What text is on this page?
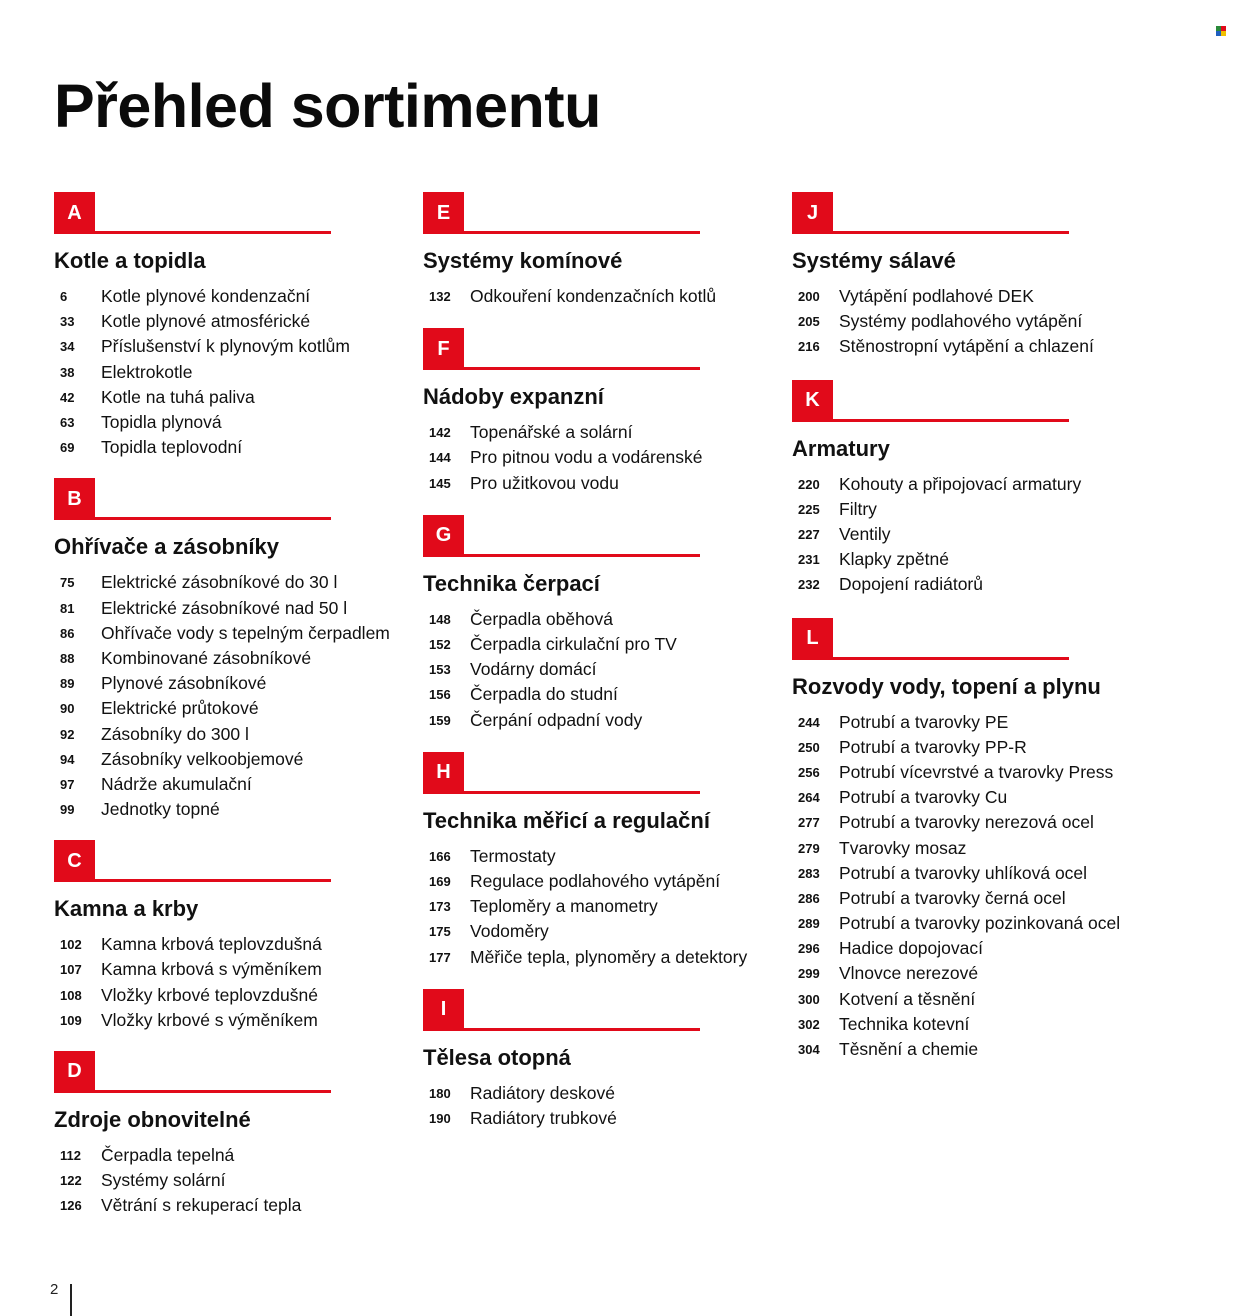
Přehled sortimentu
A
Kotle a topidla
6	Kotle plynové kondenzační
33	Kotle plynové atmosférické
34	Příslušenství k plynovým kotlům
38	Elektrokotle
42	Kotle na tuhá paliva
63	Topidla plynová
69	Topidla teplovodní
B
Ohřívače a zásobníky
75	Elektrické zásobníkové do 30 l
81	Elektrické zásobníkové nad 50 l
86	Ohřívače vody s tepelným čerpadlem
88	Kombinované zásobníkové
89	Plynové zásobníkové
90	Elektrické průtokové
92	Zásobníky do 300 l
94	Zásobníky velkoobjemové
97	Nádrže akumulační
99	Jednotky topné
C
Kamna a krby
102	Kamna krbová teplovzdušná
107	Kamna krbová s výměníkem
108	Vložky krbové teplovzdušné
109	Vložky krbové s výměníkem
D
Zdroje obnovitelné
112	Čerpadla tepelná
122	Systémy solární
126	Větrání s rekuperací tepla
E
Systémy komínové
132	Odkouření kondenzačních kotlů
F
Nádoby expanzní
142	Topenářské a solární
144	Pro pitnou vodu a vodárenské
145	Pro užitkovou vodu
G
Technika čerpací
148	Čerpadla oběhová
152	Čerpadla cirkulační pro TV
153	Vodárny domácí
156	Čerpadla do studní
159	Čerpání odpadní vody
H
Technika měřicí a regulační
166	Termostaty
169	Regulace podlahového vytápění
173	Teploměry a manometry
175	Vodoměry
177	Měřiče tepla, plynoměry a detektory
I
Tělesa otopná
180	Radiátory deskové
190	Radiátory trubkové
J
Systémy sálavé
200	Vytápění podlahové DEK
205	Systémy podlahového vytápění
216	Stěnostropní vytápění a chlazení
K
Armatury
220	Kohouty a připojovací armatury
225	Filtry
227	Ventily
231	Klapky zpětné
232	Dopojení radiátorů
L
Rozvody vody, topení a plynu
244	Potrubí a tvarovky PE
250	Potrubí a tvarovky PP-R
256	Potrubí vícevrstvé a tvarovky Press
264	Potrubí a tvarovky Cu
277	Potrubí a tvarovky nerezová ocel
279	Tvarovky mosaz
283	Potrubí a tvarovky uhlíková ocel
286	Potrubí a tvarovky černá ocel
289	Potrubí a tvarovky pozinkovaná ocel
296	Hadice dopojovací
299	Vlnovce nerezové
300	Kotvení a těsnění
302	Technika kotevní
304	Těsnění a chemie
2
